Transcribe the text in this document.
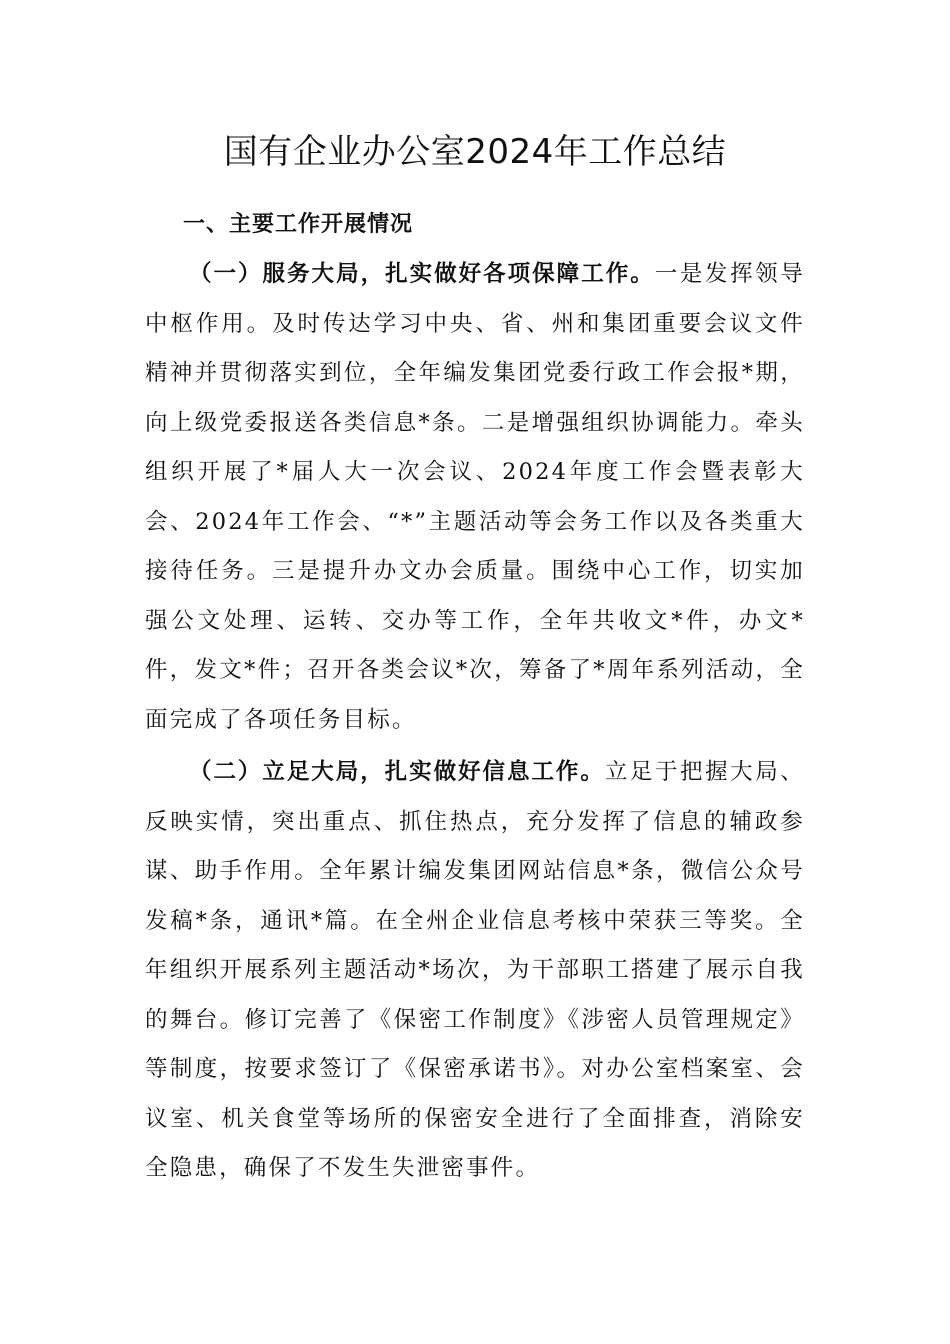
国有企业办公室2024年工作总结
一、主要工作开展情况
（一）服务大局，扎实做好各项保障工作。一是发挥领导中枢作用。及时传达学习中央、省、州和集团重要会议文件精神并贯彻落实到位，全年编发集团党委行政工作会报*期，向上级党委报送各类信息*条。二是增强组织协调能力。牵头组织开展了*届人大一次会议、2024年度工作会暨表彰大会、2024年工作会、“*”主题活动等会务工作以及各类重大接待任务。三是提升办文办会质量。围绕中心工作，切实加强公文处理、运转、交办等工作，全年共收文*件，办文*件，发文*件；召开各类会议*次，筹备了*周年系列活动，全面完成了各项任务目标。
（二）立足大局，扎实做好信息工作。立足于把握大局、反映实情，突出重点、抓住热点，充分发挥了信息的辅政参谋、助手作用。全年累计编发集团网站信息*条，微信公众号发稿*条，通讯*篇。在全州企业信息考核中荣获三等奖。全年组织开展系列主题活动*场次，为干部职工搭建了展示自我的舞台。修订完善了《保密工作制度》《涉密人员管理规定》等制度，按要求签订了《保密承诺书》。对办公室档案室、会议室、机关食堂等场所的保密安全进行了全面排查，消除安全隐患，确保了不发生失泄密事件。
